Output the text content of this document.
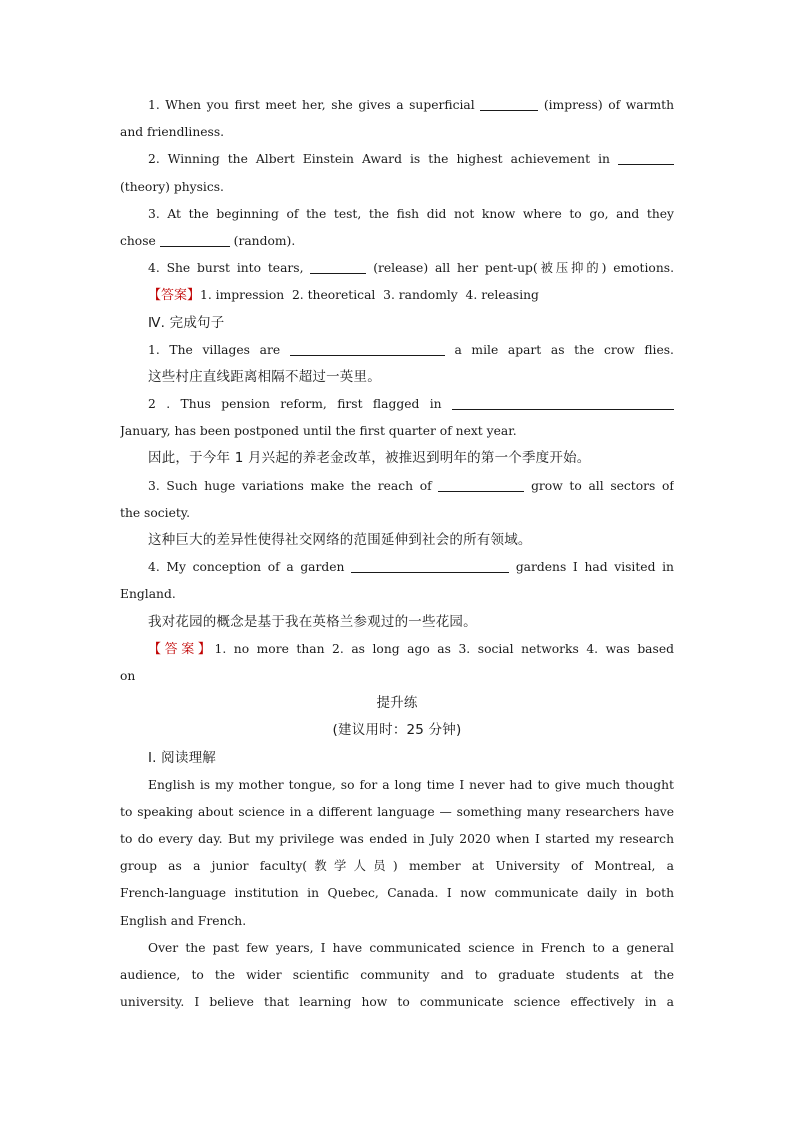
1. When you first meet her, she gives a superficial	(impress) of warmth
and friendliness.
2. Winning the Albert Einstein Award is the highest achievement in
(theory) physics.
3. At the beginning of the test, the fish did not know where to go, and they
chose	(random).
4. She burst into tears,	(release) all her pent-up(被压抑的) emotions.
【答案】1. impression  2. theoretical  3. randomly  4. releasing
Ⅳ. 完成句子
1. The villages are	a mile apart as the crow flies.
这些村庄直线距离相隔不超过一英里。
2 . Thus pension reform, first flagged in
January, has been postponed until the first quarter of next year.
因此，于今年 1 月兴起的养老金改革，被推迟到明年的第一个季度开始。
3. Such huge variations make the reach of	grow to all sectors of
the society.
这种巨大的差异性使得社交网络的范围延伸到社会的所有领域。
4. My conception of a garden	gardens I had visited in
England.
我对花园的概念是基于我在英格兰参观过的一些花园。
【答案】1. no more than 2. as long ago as 3. social networks 4. was based
on
提升练
(建议用时：25 分钟)
Ⅰ. 阅读理解
English is my mother tongue, so for a long time I never had to give much thought
to speaking about science in a different language — something many researchers have
to do every day. But my privilege was ended in July 2020 when I started my research
group as a junior faculty(教学人员) member at University of Montreal, a
French-language institution in Quebec, Canada. I now communicate daily in both
English and French.
Over the past few years, I have communicated science in French to a general
audience, to the wider scientific community and to graduate students at the
university. I believe that learning how to communicate science effectively in a
